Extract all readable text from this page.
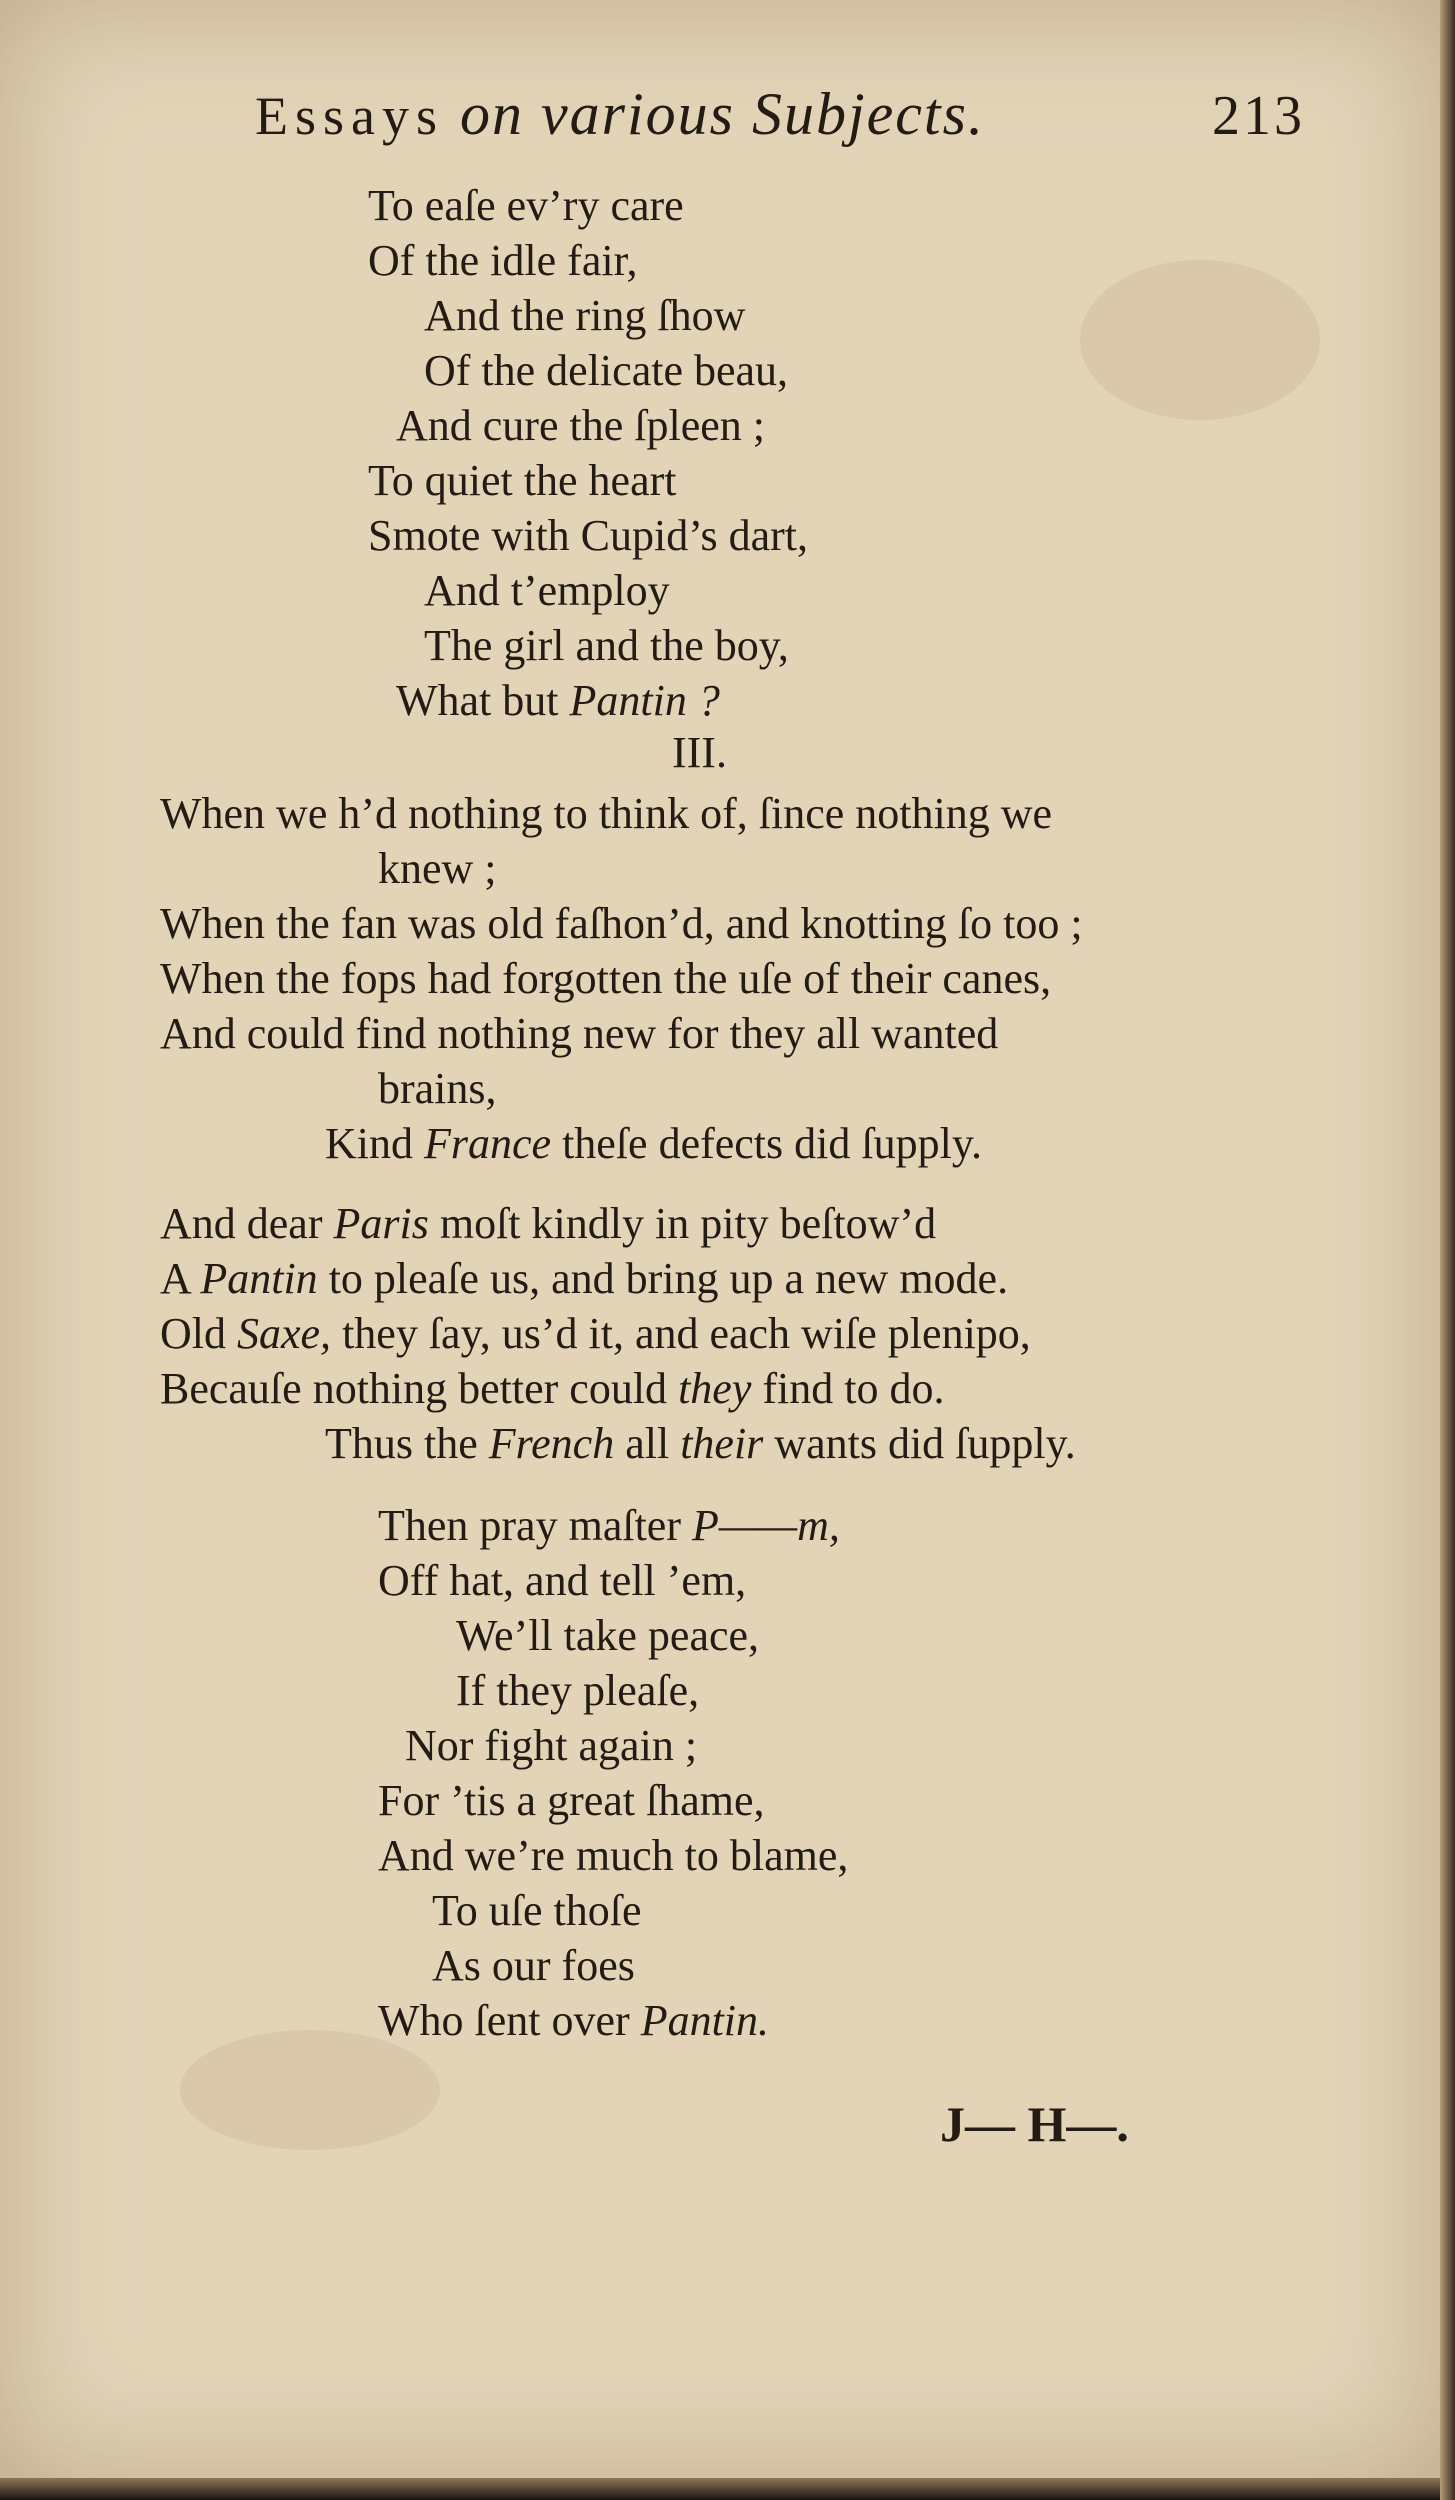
Essays on various Subjects.	213
To eaſe ev’ry care
Of the idle fair,
And the ring ſhow
Of the delicate beau,
And cure the ſpleen ;
To quiet the heart
Smote with Cupid’s dart,
And t’employ
The girl and the boy,
What but Pantin ?
III.
When we h’d nothing to think of, ſince nothing we
knew ;
When the fan was old faſhon’d, and knotting ſo too ;
When the fops had forgotten the uſe of their canes,
And could find nothing new for they all wanted
brains,
Kind France theſe defects did ſupply.
And dear Paris moſt kindly in pity beſtow’d
A Pantin to pleaſe us, and bring up a new mode.
Old Saxe, they ſay, us’d it, and each wiſe plenipo,
Becauſe nothing better could they find to do.
Thus the French all their wants did ſupply.
Then pray maſter P——m,
Off hat, and tell ’em,
We’ll take peace,
If they pleaſe,
Nor fight again ;
For ’tis a great ſhame,
And we’re much to blame,
To uſe thoſe
As our foes
Who ſent over Pantin.
J— H—.
